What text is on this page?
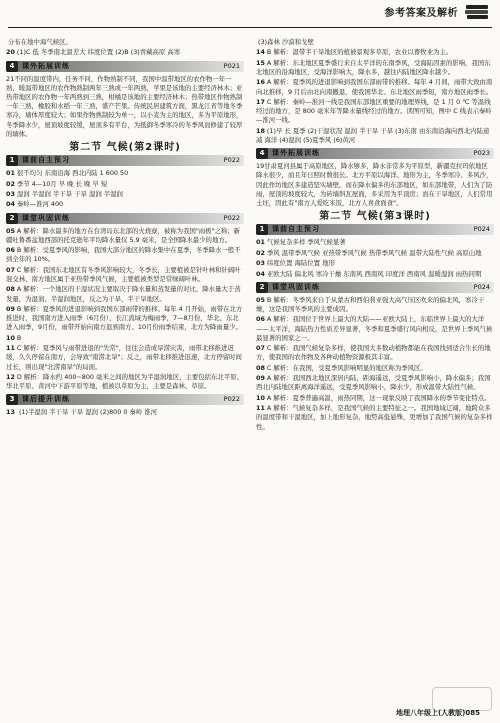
参考答案及解析

分布在地中海气候区。

20 (1)C 低 冬季南北温差大 纬度位置 (2)B (3)青藏高原 高寒

4	课外拓展训练	P021

21不同的温度带内，任务不同，作物熟制不同，我国中温带地区的农作物一年一熟，暖温带地区的农作物熟制两年三熟或一年两熟，苹果是该地的主要经济林木；亚热带地区的农作物一年两熟到三熟，柑橘是该地的主要经济林木；热带地区作物熟制一年三熟，橡胶和水稻一年三熟，盛产芒果。传统民居建筑方面，黑龙江省等地冬季寒冷，墙体厚度较大；如果作物熟制较为单一，以小麦为主的地区，多为平原地形，冬季降水少，屋顶坡度较缓，屋顶多有平台，为抵御冬季寒冷的冬季风而修建了较厚的墙体。

第二节 气候(第2课时)
1	课前自主预习	P022

01 很不均匀 东南沿海 西北内陆 1 600 50

02 季节 4—10月 早 晚 长 晚 早 短

03 湿润 半湿润 半干旱 干旱 湿润 半湿润

04 秦岭—淮河 400

2	课堂巩固训练	P022

05 A 解析：降水最多的地方在台湾岛东北部的火烧寮，被称为我国"雨极"之称；新疆吐鲁番盆地西部的托克逊年平均降水量仅 5.9 毫米，是全国降水最少的地方。

06 B 解析：受夏季风的影响，我国大部分地区的降水集中在夏季，冬季降水一般不到全年的 10%。

07 C 解析：我国东北地区有冬季风影响较大，冬季长，主要植被是针叶林和针阔叶混交林，南方地区属于亚热带季风气候，主要植被类型是常绿阔叶林。

08 A 解析：一个地区的干湿状况主要取决于降水量和蒸发量的对比，降水量大于蒸发量，为湿润、半湿润地区，反之为干旱、半干旱地区。

09 B 解析：夏季风的进退影响到我国东部雨带的推移。每年 4 月开始，雨带在北方推进时，我国南方进入雨季（6月份），长江流域为梅雨季，7—8月份，华北、东北进入雨季，9月份，雨带开始向南方退到南方。10月份雨季结束，北方为降雨量少。

10 B

11 C 解析：夏季风与雨带进退的"失常"，往往会造成旱涝灾害，雨带北移推进迟缓，久久停留在南方，会导致"南涝北旱"；反之，雨带北移推进迅速，北方停留时间过长，则出现"北涝南旱"的局面。

12 D 解析：降水约 400~800 毫米之间的地区为半湿润地区，主要包括东北平原、华北平原、黄河中下游平原等地，植被以草原为主，主要是森林、草原。

3	课后提升训练	P022

13 (1)半湿润 半干旱 干旱 湿润 (2)800 0 秦岭 淮河

(3)森林 沙漠和戈壁

14 B 解析：温带半干旱地区的植被景观多草原，农业以畜牧业为主。

15 A 解析：东北地区夏季盛行来自太平洋的东南季风，受海陆因素的影响，我国东北地区的沿海地区，受海洋影响大，降水多，越往内陆地区降水越少。

16 A 解析：夏季风的进退影响到我国东部雨带的推移。每年 4 月间，雨带大致由南向北推移，9 月后由北向南撤退，使我国华北、东北地区雨季短，南方地区雨季长。

17 C 解析：秦岭—淮河一线是我国东部地区重要的地理界线，是 1 月 0 ℃ 等温线经过的地方，是 800 毫米年等降水量线经过的地方。读图可知，图中 C 线表示秦岭—淮河一线。

18 (1)早 长 夏季 (2)干湿状况 湿润 半干旱 干旱 (3)东南 由东南沿海向西北内陆递减 海洋 (4)湿润 (5)夏季风 (6)黄河

4	课外拓展训练	P023

19甘肃夏河县属于高原地区，降水够多，降水非常多为平原型，新疆克拉玛依地区降水很少，而且年日照时数很长。北方平原以海洋、地形为主，冬季寒冷、多风沙，因此作坊地区多建造坚实墙壁。而在降水偏多的东部地区，如东部地带，人们为了防雨，屋顶的坡度较大，为砖墙斜瓦屋面，多采用为平顶房；而在干旱地区，人们常用土坯，因此有"南方人爱吃米饭，北方人喜食面食"。

第二节 气候(第3课时)
1	课前自主预习	P024

01 气候复杂多样 季风气候显著

02 季风 温带季风气候 亚热带季风气候 热带季风气候 温带大陆性气候 高原山地

03 纬度位置 海陆位置 地形

04 亚欧大陆 偏北风 寒冷干燥 东南风 西南风 印度洋 西南风 温暖湿润 雨热同期

2	课堂巩固训练	P024

05 B 解析：冬季风来自于从蒙古和西伯利亚强大高气压区吹来的偏北风，寒冷干燥，这是我国冬季风的主要成因。

06 A 解析：我国位于世界上最大的大陆——亚欧大陆上，东临世界上最大的大洋——太平洋，海陆热力性质差异显著，冬季和夏季盛行风向相反，是世界上季风气候最显著的国家之一。

07 C 解析：我国气候复杂多样，使我国大多数动植物都能在我国找到适合生长的地方，使我国的农作物及各种动植物资源极其丰富。

08 C 解析：在我国，受夏季风影响明显的地区称为季风区。

09 A 解析：我国西北地区深居内陆，距海遥远，受夏季风影响小，降水偏多；我国西北内陆地区距离海洋遥远，受夏季风影响小，降水少，形成温带大陆性气候。

10 A 解析：夏季普遍高温，雨热同期，这一现象反映了我国降水的季节变化特点。

11 A 解析：气候复杂多样，是我国气候的主要特征之一。我国地域辽阔，地跨众多的温度带和干湿地区，加上地形复杂，地势高低悬殊，更增加了我国气候的复杂多样性。

地理八年级上(人教版)085
